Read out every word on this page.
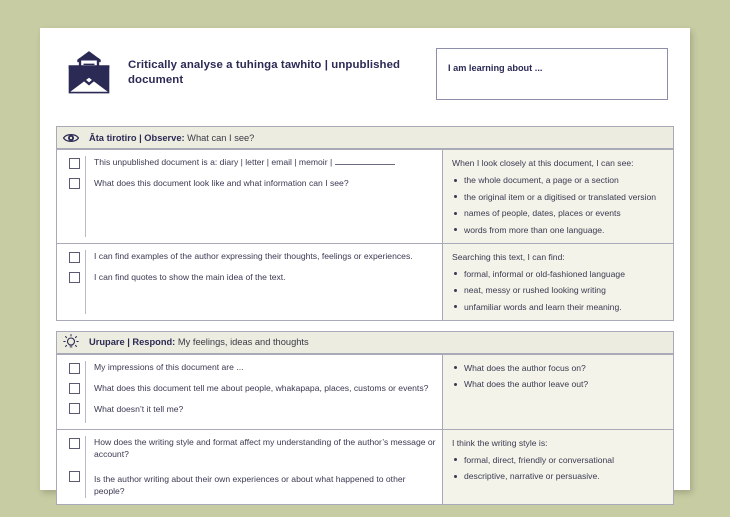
Critically analyse a tuhinga tawhito | unpublished document
I am learning about ...
Āta tirotiro | Observe: What can I see?
This unpublished document is a: diary | letter | email | memoir |
What does this document look like and what information can I see?
When I look closely at this document, I can see:
the whole document, a page or a section
the original item or a digitised or translated version
names of people, dates, places or events
words from more than one language.
I can find examples of the author expressing their thoughts, feelings or experiences.
I can find quotes to show the main idea of the text.
Searching this text, I can find:
formal, informal or old-fashioned language
neat, messy or rushed looking writing
unfamiliar words and learn their meaning.
Urupare | Respond: My feelings, ideas and thoughts
My impressions of this document are ...
What does this document tell me about people, whakapapa, places, customs or events?
What doesn’t it tell me?
What does the author focus on?
What does the author leave out?
How does the writing style and format affect my understanding of the author’s message or account?
Is the author writing about their own experiences or about what happened to other people?
I think the writing style is:
formal, direct, friendly or conversational
descriptive, narrative or persuasive.
